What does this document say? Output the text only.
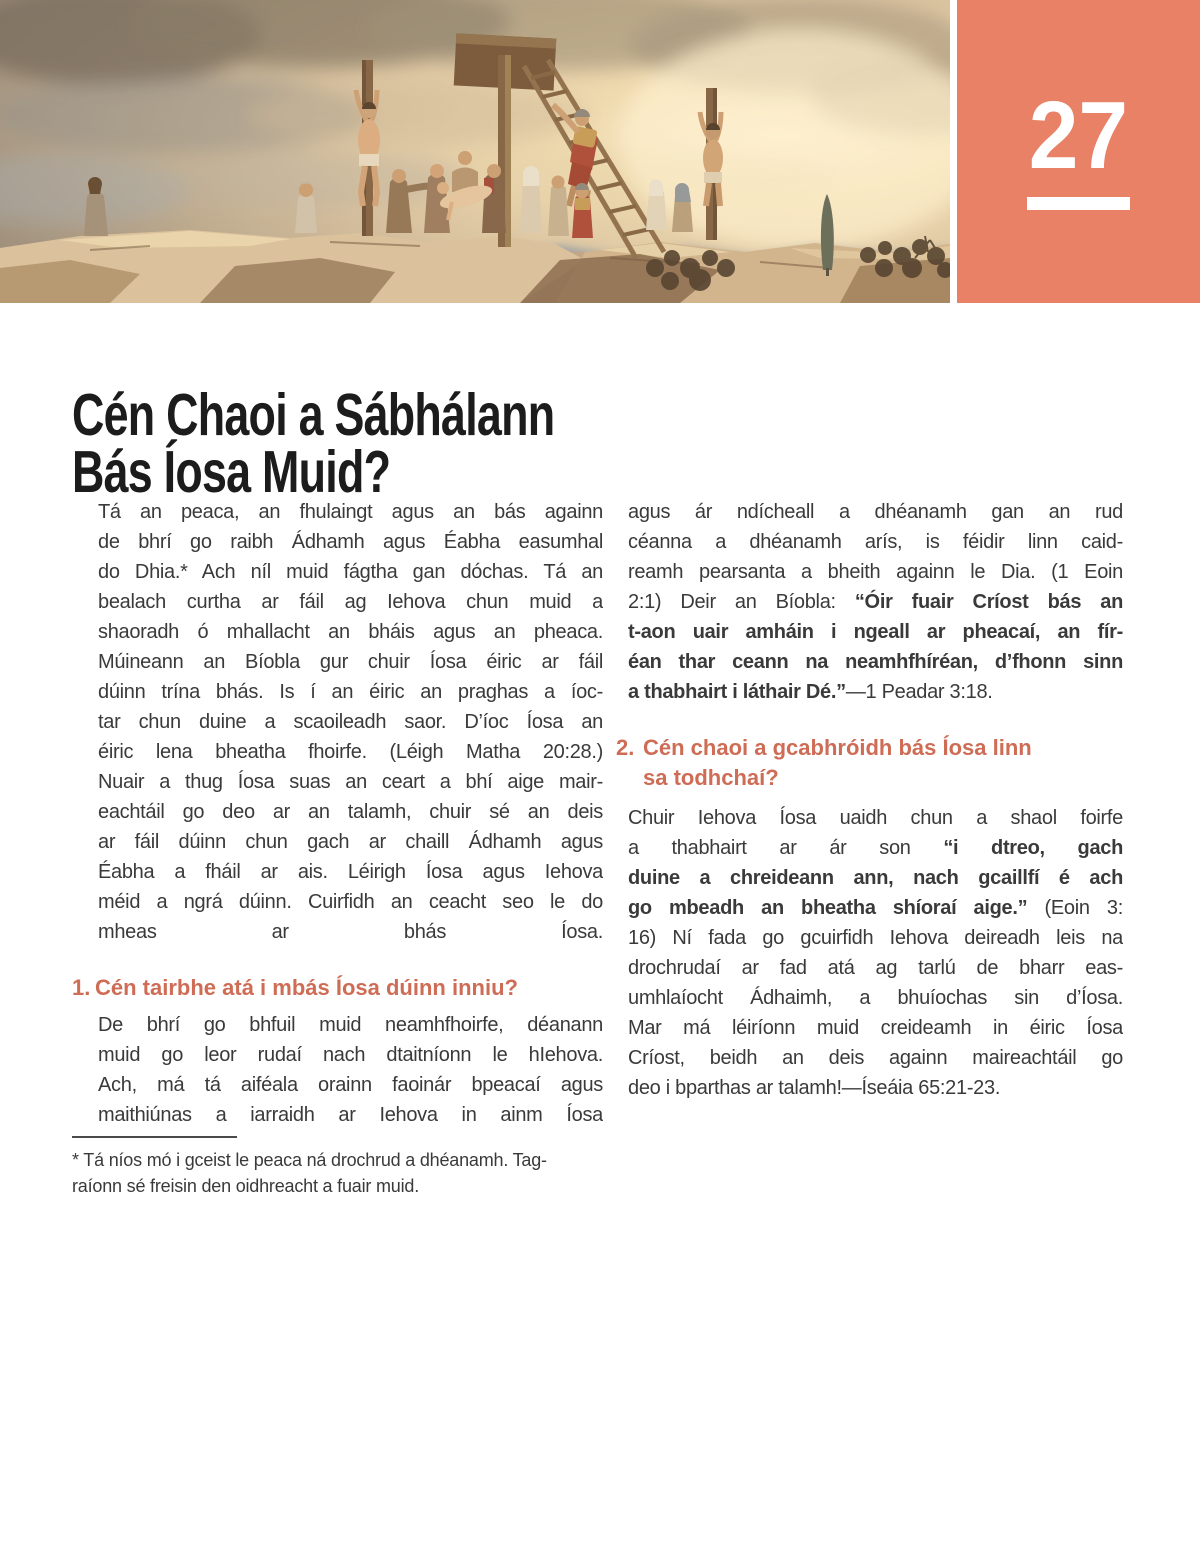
27
Cén Chaoi a Sábhálann
Bás Íosa Muid?
Tá an peaca, an fhulaingt agus an bás againn
de bhrí go raibh Ádhamh agus Éabha easumhal
do Dhia.* Ach níl muid fágtha gan dóchas. Tá an
bealach curtha ar fáil ag Iehova chun muid a
shaoradh ó mhallacht an bháis agus an pheaca.
Múineann an Bíobla gur chuir Íosa éiric ar fáil
dúinn trína bhás. Is í an éiric an praghas a íoc-
tar chun duine a scaoileadh saor. D’íoc Íosa an
éiric lena bheatha fhoirfe. (Léigh Matha 20:28.)
Nuair a thug Íosa suas an ceart a bhí aige mair-
eachtáil go deo ar an talamh, chuir sé an deis
ar fáil dúinn chun gach ar chaill Ádhamh agus
Éabha a fháil ar ais. Léirigh Íosa agus Iehova
méid a ngrá dúinn. Cuirfidh an ceacht seo le do
mheas ar bhás Íosa.
1. Cén tairbhe atá i mbás Íosa dúinn inniu?
De bhrí go bhfuil muid neamhfhoirfe, déanann
muid go leor rudaí nach dtaitníonn le hIehova.
Ach, má tá aiféala orainn faoinár bpeacaí agus
maithiúnas a iarraidh ar Iehova in ainm Íosa
* Tá níos mó i gceist le peaca ná drochrud a dhéanamh. Tag-
raíonn sé freisin den oidhreacht a fuair muid.
agus ár ndícheall a dhéanamh gan an rud
céanna a dhéanamh arís, is féidir linn caid-
reamh pearsanta a bheith againn le Dia. (1 Eoin
2:1) Deir an Bíobla: “Óir fuair Críost bás an
t-aon uair amháin i ngeall ar pheacaí, an fír-
éan thar ceann na neamhfhíréan, d’fhonn sinn
a thabhairt i láthair Dé.”—1 Peadar 3:18.
2. Cén chaoi a gcabhróidh bás Íosa linn
sa todhchaí?
Chuir Iehova Íosa uaidh chun a shaol foirfe
a thabhairt ar ár son “i dtreo, gach
duine a chreideann ann, nach gcaillfí é ach
go mbeadh an bheatha shíoraí aige.” (Eoin 3:
16) Ní fada go gcuirfidh Iehova deireadh leis na
drochrudaí ar fad atá ag tarlú de bharr eas-
umhlaíocht Ádhaimh, a bhuíochas sin d’Íosa.
Mar má léiríonn muid creideamh in éiric Íosa
Críost, beidh an deis againn maireachtáil go
deo i bparthas ar talamh!—Íseáia 65:21-23.
